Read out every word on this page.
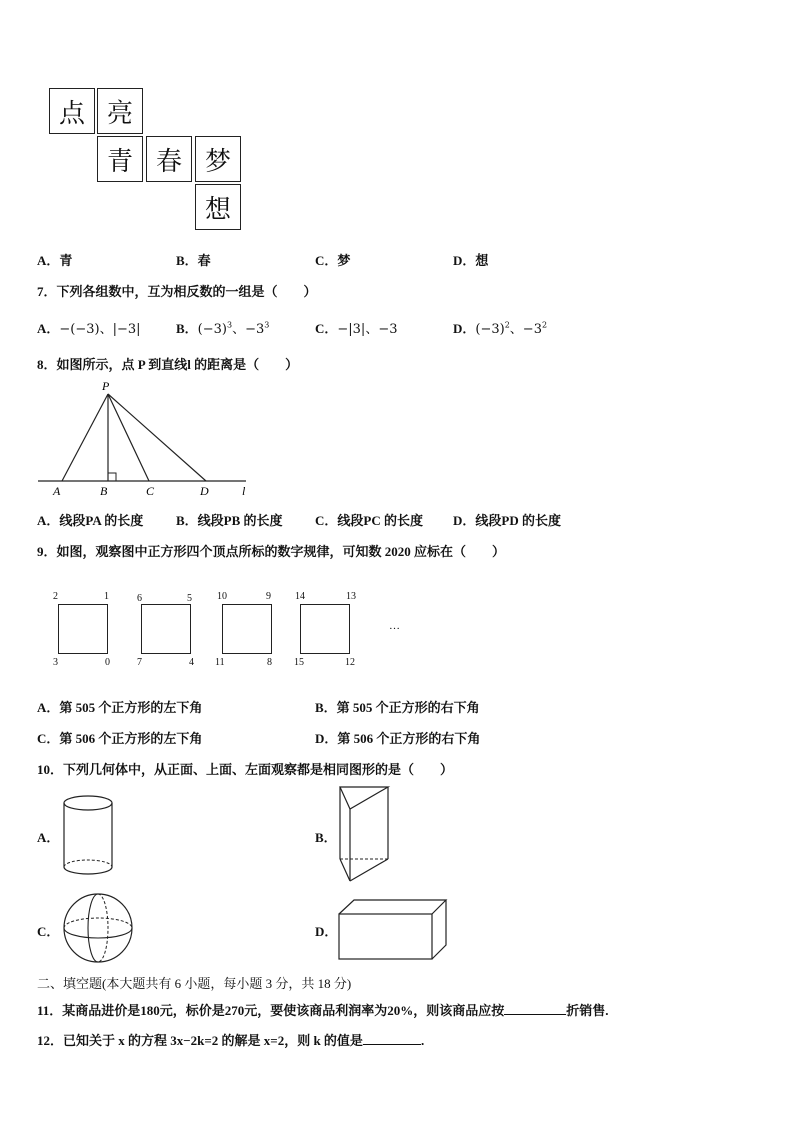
点 亮
青 春 梦
想
A．青	B．春	C．梦	D．想
7．下列各组数中，互为相反数的一组是（　　）
A．−(−3)、|−3|	B．$(-3)^3$、$-3^3$	C．−|3|、−3	D．$(-3)^2$、$-3^2$
8．如图所示，点 P 到直线l 的距离是（　　）
P
A	B	C	D	l
A．线段PA 的长度	B．线段PB 的长度 C．线段PC 的长度 D．线段PD 的长度
9．如图，观察图中正方形四个顶点所标的数字规律，可知数 2020 应标在（　　）
2	1
3	0
6	5
7	4
10	9
11	8
14	13
15	12
…
A．第 505 个正方形的左下角	B．第 505 个正方形的右下角
C．第 506 个正方形的左下角	D．第 506 个正方形的右下角
10．下列几何体中，从正面、上面、左面观察都是相同图形的是（　　）
A．	B．
C．	D．
二、填空题(本大题共有 6 小题，每小题 3 分，共 18 分)
11．某商品进价是180元，标价是270元，要使该商品利润率为20%，则该商品应按	折销售.
12．已知关于 x 的方程 3x−2k=2 的解是 x=2，则 k 的值是	.
